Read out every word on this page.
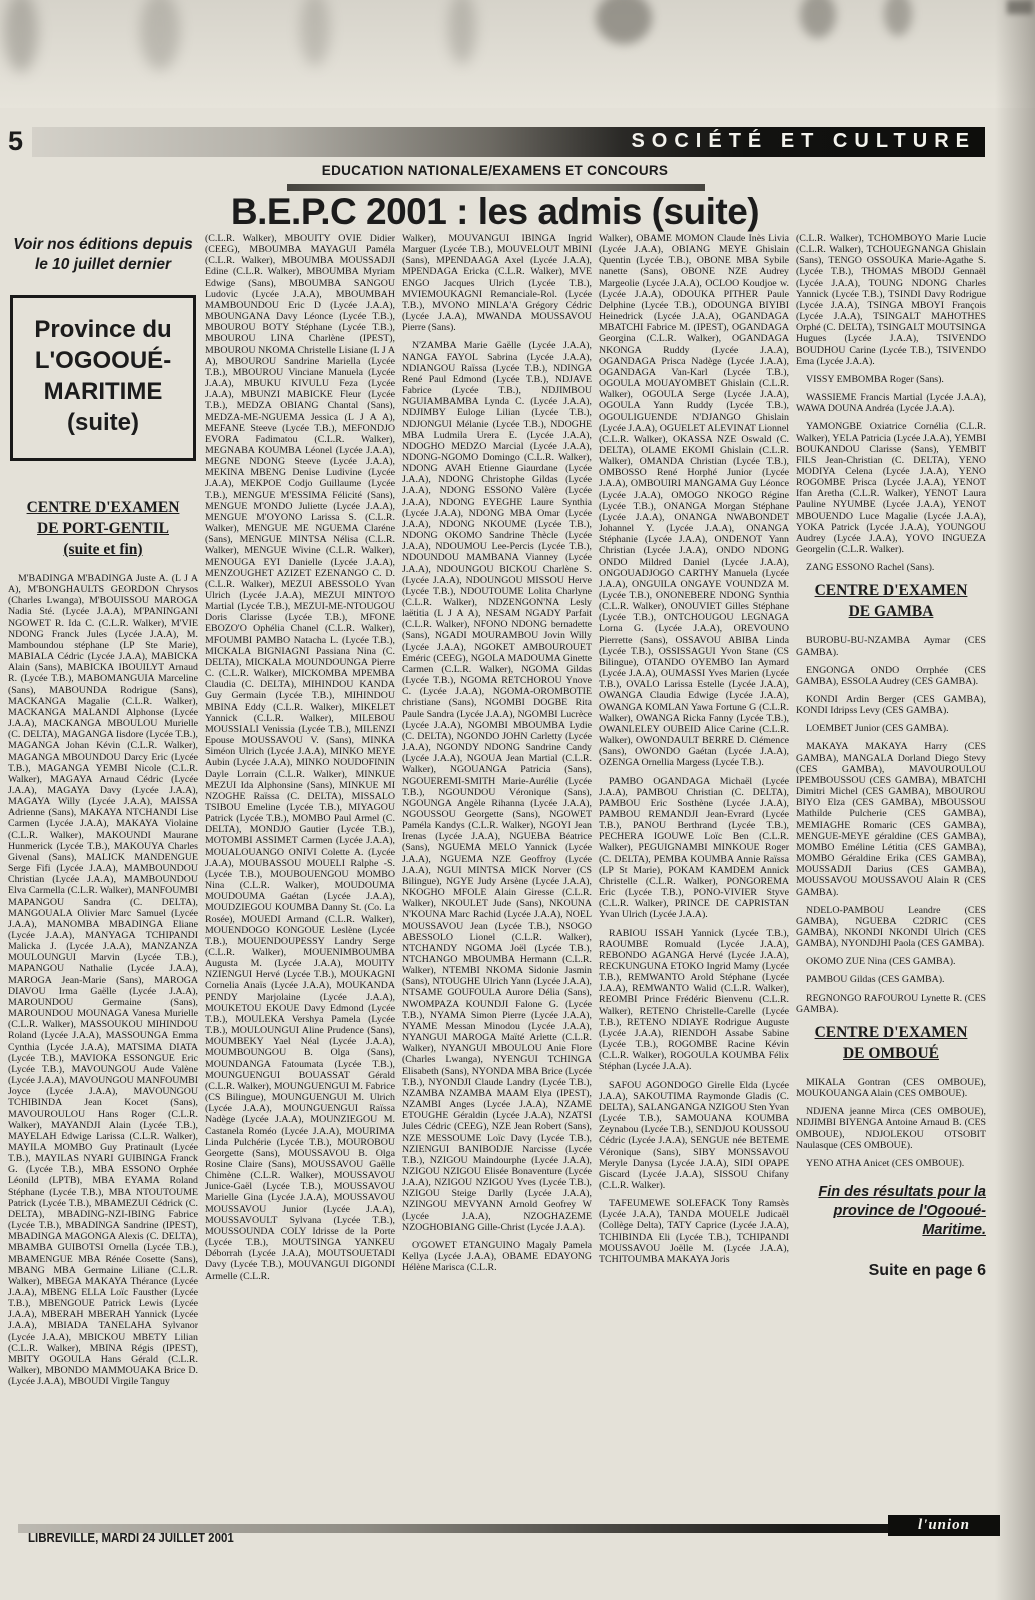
5	SOCIÉTÉ ET CULTURE
EDUCATION NATIONALE/EXAMENS ET CONCOURS
B.E.P.C 2001 : les admis (suite)
Voir nos éditions depuis
le 10 juillet dernier
Province du
L'OGOOUÉ-
MARITIME
(suite)
CENTRE D'EXAMEN
DE PORT-GENTIL
(suite et fin)

M'BADINGA M'BADINGA Juste A. (L J A A), M'BONGHAULTS GEORDON Chrysos (Charles Lwanga), M'BOUISSOU MAROGA Nadia Sté. (Lycée J.A.A), M'PANINGANI NGOWET R. Ida C. (C.L.R. Walker), M'VIE NDONG Franck Jules (Lycée J.A.A), M. Mamboundou stéphane (LP Ste Marie), MABIALA Cédric (Lycée J.A.A), MABICKA Alain (Sans), MABICKA IBOUILYT Arnaud R. (Lycée T.B.), MABOMANGUIA Marceline (Sans), MABOUNDA Rodrigue (Sans), MACKANGA Magalie (C.L.R. Walker), MACKANGA MALANDI Alphonse (Lycée J.A.A), MACKANGA MBOULOU Murielle (C. DELTA), MAGANGA Iisdore (Lycée T.B.), MAGANGA Johan Kévin (C.L.R. Walker), MAGANGA MBOUNDOU Darcy Eric (Lycée T.B.), MAGANGA YEMBI Nicole (C.L.R. Walker), MAGAYA Arnaud Cédric (Lycée J.A.A), MAGAYA Davy (Lycée J.A.A), MAGAYA Willy (Lycée J.A.A), MAISSA Adrienne (Sans), MAKAYA NTCHANDI Lise Carmen (Lycée J.A.A), MAKAYA Violaine (C.L.R. Walker), MAKOUNDI Maurane Hunmerick (Lycée T.B.), MAKOUYA Charles Givenal (Sans), MALICK MANDENGUE Serge Fifi (Lycée J.A.A), MAMBOUNDOU Christian (Lycée J.A.A), MAMBOUNDOU Elva Carmella (C.L.R. Walker), MANFOUMBI MAPANGOU Sandra (C. DELTA), MANGOUALA Olivier Marc Samuel (Lycée J.A.A), MANOMBA MBADINGA Eliane (Lycée J.A.A), MANYAGA TCHIPANDI Malicka J. (Lycée J.A.A), MANZANZA MOULOUNGUI Marvin (Lycée T.B.), MAPANGOU Nathalie (Lycée J.A.A), MAROGA Jean-Marie (Sans), MAROGA DIAVOU Irma Gaëlle (Lycée J.A.A), MAROUNDOU Germaine (Sans), MAROUNDOU MOUNAGA Vanesa Murielle (C.L.R. Walker), MASSOUKOU MIHINDOU Roland (Lycée J.A.A), MASSOUNGA Emma Cynthia (Lycée J.A.A), MATSIMA DIATA (Lycée T.B.), MAVIOKA ESSONGUE Eric (Lycée T.B.), MAVOUNGOU Aude Valène (Lycée J.A.A), MAVOUNGOU MANFOUMBI Joyce (Lycée J.A.A), MAVOUNGOU TCHIBINDA Jean Kocet (Sans), MAVOUROULOU Hans Roger (C.L.R. Walker), MAYANDJI Alain (Lycée T.B.), MAYELAH Edwige Larissa (C.L.R. Walker), MAYILA MOMBO Guy Pratinault (Lycée T.B.), MAYILAS NYARI GUIBINGA Franck G. (Lycée T.B.), MBA ESSONO Orphée Léonild (LPTB), MBA EYAMA Roland Stéphane (Lycée T.B.), MBA NTOUTOUME Patrick (Lycée T.B.), MBAMEZUI Cédrick (C. DELTA), MBADING-NZI-IBING Fabrice (Lycée T.B.), MBADINGA Sandrine (IPEST), MBADINGA MAGONGA Alexis (C. DELTA), MBAMBA GUIBOTSI Ornella (Lycée T.B.), MBAMENGUE MBA Rénée Cosette (Sans), MBANG MBA Germaine Liliane (C.L.R. Walker), MBEGA MAKAYA Thérance (Lycée J.A.A), MBENG ELLA Loïc Fausther (Lycée T.B.), MBENGOUE Patrick Lewis (Lycée J.A.A), MBERAH MBERAH Yannick (Lycée J.A.A), MBIADA TANELAHA Sylvanor (Lycée J.A.A), MBICKOU MBETY Lilian (C.L.R. Walker), MBINA Régis (IPEST), MBITY OGOULA Hans Gérald (C.L.R. Walker), MBONDO MAMMOUAKA Brice D. (Lycée J.A.A), MBOUDI Virgile Tanguy

(C.L.R. Walker), MBOUITY OVIE Didier (CEEG), MBOUMBA MAYAGUI Paméla (C.L.R. Walker), MBOUMBA MOUSSADJI Edine (C.L.R. Walker), MBOUMBA Myriam Edwige (Sans), MBOUMBA SANGOU Ludovic (Lycée J.A.A), MBOUMBAH MAMBOUNDOU Eric D (Lycée J.A.A), MBOUNGANA Davy Léonce (Lycée T.B.), MBOUROU BOTY Stéphane (Lycée T.B.), MBOUROU LINA Charlène (IPEST), MBOUROU NKOMA Christelle Lisiane (L J A A), MBOUROU Sandrine Mariella (Lycée T.B.), MBOUROU Vinciane Manuela (Lycée J.A.A), MBUKU KIVULU Feza (Lycée J.A.A), MBUNZI MABICKE Fleur (Lycée T.B.), MEDZA OBIANG Chantal (Sans), MEDZA-ME-NGUEMA Jessica (L J A A), MEFANE Steeve (Lycée T.B.), MEFONDJO EVORA Fadimatou (C.L.R. Walker), MEGNABA KOUMBA Léonel (Lycée J.A.A), MEGNE NDONG Steeve (Lycée J.A.A), MEKINA MBENG Denise Ludivine (Lycée J.A.A), MEKPOE Codjo Guillaume (Lycée T.B.), MENGUE M'ESSIMA Félicité (Sans), MENGUE M'ONDO Juliette (Lycée J.A.A), MENGUE M'OYONO Larissa S. (C.L.R. Walker), MENGUE ME NGUEMA Claréne (Sans), MENGUE MINTSA Nélisa (C.L.R. Walker), MENGUE Wivine (C.L.R. Walker), MENOUGA EYI Danielle (Lycée J.A.A), MENZOUGHET AZIZET EZENANGO C. D. (C.L.R. Walker), MEZUI ABESSOLO Yvan Ulrich (Lycée J.A.A), MEZUI MINTO'O Martial (Lycée T.B.), MEZUI-ME-NTOUGOU Doris Clarisse (Lycée T.B.), MFONE EBOZO'O Ophélia Chanel (C.L.R. Walker), MFOUMBI PAMBO Natacha L. (Lycée T.B.), MICKALA BIGNIAGNI Passiana Nina (C. DELTA), MICKALA MOUNDOUNGA Pierre C. (C.L.R. Walker), MICKOMBA MPEMBA Claudia (C. DELTA), MIHINDOU KANDA Guy Germain (Lycée T.B.), MIHINDOU MBINA Eddy (C.L.R. Walker), MIKELET Yannick (C.L.R. Walker), MILEBOU MOUSSIALI Venissia (Lycée T.B.), MILENZI Epouse MOUSSAVOU V. (Sans), MINKA Siméon Ulrich (Lycée J.A.A), MINKO MEYE Aubin (Lycée J.A.A), MINKO NOUDOFININ Dayle Lorrain (C.L.R. Walker), MINKUE MEZUI Ida Alphonsine (Sans), MINKUE MI NZOGHE Raïssa (C. DELTA), MISSALO TSIBOU Emeline (Lycée T.B.), MIYAGOU Patrick (Lycée T.B.), MOMBO Paul Armel (C. DELTA), MONDJO Gautier (Lycée T.B.), MOTOMBI ASSIMET Carmen (Lycée J.A.A), MOUALOUANGO ONIVI Colette A. (Lycée J.A.A), MOUBASSOU MOUELI Ralphe -S. (Lycée T.B.), MOUBOUENGOU MOMBO Nina (C.L.R. Walker), MOUDOUMA MOUDOUMA Gaétan (Lycée J.A.A), MOUDZIEGOU KOUMBA Danny St. (Co. La Rosée), MOUEDI Armand (C.L.R. Walker), MOUENDOGO KONGOUE Leslène (Lycée T.B.), MOUENDOUPESSY Landry Serge (C.L.R. Walker), MOUENIMBOUMBA Augusta M. (Lycée J.A.A), MOUITY NZIENGUI Hervé (Lycée T.B.), MOUKAGNI Cornelia Anaïs (Lycée J.A.A), MOUKANDA PENDY Marjolaine (Lycée J.A.A), MOUKETOU EKOUE Davy Edmond (Lycée T.B.), MOULEKA Vershya Pamela (Lycée T.B.), MOULOUNGUI Aline Prudence (Sans), MOUMBEKY Yael Néal (Lycée J.A.A), MOUMBOUNGOU B. Olga (Sans), MOUNDANGA Fatoumata (Lycée T.B.), MOUNGUENGUI BOUASSAT Gérald (C.L.R. Walker), MOUNGUENGUI M. Fabrice (CS Bilingue), MOUNGUENGUI M. Ulrich (Lycée J.A.A), MOUNGUENGUI Raïssa Nadège (Lycée J.A.A), MOUNZIEGOU M. Castanela Roméo (Lycée J.A.A), MOURIMA Linda Pulchérie (Lycée T.B.), MOUROBOU Georgette (Sans), MOUSSAVOU B. Olga Rosine Claire (Sans), MOUSSAVOU Gaëlle Chimène (C.L.R. Walker), MOUSSAVOU Junice-Gaël (Lycée T.B.), MOUSSAVOU Marielle Gina (Lycée J.A.A), MOUSSAVOU MOUSSAVOU Junior (Lycée J.A.A), MOUSSAVOULT Sylvana (Lycée T.B.), MOUSSOUNDA COLY Idrisse de la Porte (Lycée T.B.), MOUTSINGA YANKEU Déborrah (Lycée J.A.A), MOUTSOUETADI Davy (Lycée T.B.), MOUVANGUI DIGONDI Armelle (C.L.R.

Walker), MOUVANGUI IBINGA Ingrid Marguer (Lycée T.B.), MOUVELOUT MBINI (Sans), MPENDAAGA Axel (Lycée J.A.A), MPENDAGA Ericka (C.L.R. Walker), MVE ENGO Jacques Ulrich (Lycée T.B.), MVIEMOUKAGNI Remanciale-Rol. (Lycée T.B.), MVONO MINLA'A Grégory Cédric (Lycée J.A.A), MWANDA MOUSSAVOU Pierre (Sans).

N'ZAMBA Marie Gaëlle (Lycée J.A.A), NANGA FAYOL Sabrina (Lycée J.A.A), NDIANGOU Raïssa (Lycée T.B.), NDINGA René Paul Edmond (Lycée T.B.), NDJAVE Fabrice (Lycée T.B.), NDJIMBOU NGUIAMBAMBA Lynda C. (Lycée J.A.A), NDJIMBY Euloge Lilian (Lycée T.B.), NDJONGUI Mélanie (Lycée T.B.), NDOGHE MBA Ludmila Urera E. (Lycée J.A.A), NDOGHO MEDZO Marcial (Lycée J.A.A), NDONG-NGOMO Domingo (C.L.R. Walker), NDONG AVAH Etienne Giaurdane (Lycée J.A.A), NDONG Christophe Gildas (Lycée J.A.A), NDONG ESSONO Valère (Lycée J.A.A), NDONG EYEGHE Laure Synthia (Lycée J.A.A), NDONG MBA Omar (Lycée J.A.A), NDONG NKOUME (Lycée T.B.), NDONG OKOMO Sandrine Thècle (Lycée J.A.A), NDOUMOU Lee-Percis (Lycée T.B.), NDOUNDOU MAMBANA Vianney (Lycée J.A.A), NDOUNGOU BICKOU Charlène S. (Lycée J.A.A), NDOUNGOU MISSOU Herve (Lycée T.B.), NDOUTOUME Lolita Charlyne (C.L.R. Walker), NDZENGON'NA Lesly laëtitia (L J A A), NESAM NGADY Parfait (C.L.R. Walker), NFONO NDONG bernadette (Sans), NGADI MOURAMBOU Jovin Willy (Lycée J.A.A), NGOKET AMBOUROUET Eméric (CEEG), NGOLA MADOUMA Ginette Carmen (C.L.R. Walker), NGOMA Gildas (Lycée T.B.), NGOMA RETCHOROU Ynove C. (Lycée J.A.A), NGOMA-OROMBOTIE christiane (Sans), NGOMBI DOGBE Rita Paule Sandra (Lycée J.A.A), NGOMBI Lucrèce (Lycée J.A.A), NGOMBI MBOUMBA Lydie (C. DELTA), NGONDO JOHN Carletty (Lycée J.A.A), NGONDY NDONG Sandrine Candy (Lycée J.A.A), NGOUA Jean Martial (C.L.R. Walker), NGOUANGA Patricia (Sans), NGOUEREMI-SMITH Marie-Aurélie (Lycée T.B.), NGOUNDOU Véronique (Sans), NGOUNGA Angèle Rihanna (Lycée J.A.A), NGOUSSOU Georgette (Sans), NGOWET Paméla Kandys (C.L.R. Walker), NGOYI Jean Irenas (Lycée J.A.A), NGUEBA Béatrice (Sans), NGUEMA MELO Yannick (Lycée J.A.A), NGUEMA NZE Geoffroy (Lycée J.A.A), NGUI MINTSA MICK Norver (CS Bilingue), NGYE Judy Arsène (Lycée J.A.A), NKOGHO MFOLE Alain Giresse (C.L.R. Walker), NKOULET Jude (Sans), NKOUNA N'KOUNA Marc Rachid (Lycée J.A.A), NOEL MOUSSAVOU Jean (Lycée T.B.), NSOGO ABESSOLO Lionel (C.L.R. Walker), NTCHANDY NGOMA Joël (Lycée T.B.), NTCHANGO MBOUMBA Hermann (C.L.R. Walker), NTEMBI NKOMA Sidonie Jasmin (Sans), NTOUGHE Ulrich Yann (Lycée J.A.A), NTSAME GOUFOULA Aurore Délia (Sans), NWOMPAZA KOUNDJI Falone G. (Lycée T.B.), NYAMA Simon Pierre (Lycée J.A.A), NYAME Messan Minodou (Lycée J.A.A), NYANGUI MAROGA Maïté Arlette (C.L.R. Walker), NYANGUI MBOULOU Anie Flore (Charles Lwanga), NYENGUI TCHINGA Elisabeth (Sans), NYONDA MBA Brice (Lycée T.B.), NYONDJI Claude Landry (Lycée T.B.), NZAMBA NZAMBA MAAM Elya (IPEST), NZAMBI Anges (Lycée J.A.A), NZAME ETOUGHE Géraldin (Lycée J.A.A), NZATSI Jules Cédric (CEEG), NZE Jean Robert (Sans), NZE MESSOUME Loïc Davy (Lycée T.B.), NZIENGUI BANIBODJE Narcisse (Lycée T.B.), NZIGOU Maindourphe (Lycée J.A.A), NZIGOU NZIGOU Elisée Bonaventure (Lycée J.A.A), NZIGOU NZIGOU Yves (Lycée T.B.), NZIGOU Steige Darlly (Lycée J.A.A), NZINGOU MEVYANN Arnold Geofrey W (Lycée J.A.A), NZOGHAZEME NZOGHOBIANG Gille-Christ (Lycée J.A.A).

O'GOWET ETANGUINO Magaly Pamela Kellya (Lycée J.A.A), OBAME EDAYONG Hélène Marisca (C.L.R.

Walker), OBAME MOMON Claude Inès Livia (Lycée J.A.A), OBIANG MEYE Ghislain Quentin (Lycée T.B.), OBONE MBA Sybile nanette (Sans), OBONE NZE Audrey Margeolie (Lycée J.A.A), OCLOO Koudjoe w. (Lycée J.A.A), ODOUKA PITHER Paule Delphine (Lycée T.B.), ODOUNGA BIYIBI Heinedrick (Lycée J.A.A), OGANDAGA MBATCHI Fabrice M. (IPEST), OGANDAGA Georgina (C.L.R. Walker), OGANDAGA NKONGA Ruddy (Lycée J.A.A), OGANDAGA Prisca Nadège (Lycée J.A.A), OGANDAGA Van-Karl (Lycée T.B.), OGOULA MOUAYOMBET Ghislain (C.L.R. Walker), OGOULA Serge (Lycée J.A.A), OGOULA Yann Ruddy (Lycée T.B.), OGOULIGUENDE N'DJANGO Ghislain (Lycée J.A.A), OGUELET ALEVINAT Lionnel (C.L.R. Walker), OKASSA NZE Oswald (C. DELTA), OLAME EKOMI Ghislain (C.L.R. Walker), OMANDA Christian (Lycée T.B.), OMBOSSO René Horphé Junior (Lycée J.A.A), OMBOUIRI MANGAMA Guy Léonce (Lycée J.A.A), OMOGO NKOGO Régine (Lycée T.B.), ONANGA Morgan Stéphane (Lycée J.A.A), ONANGA NWABONDET Johannel Y. (Lycée J.A.A), ONANGA Stéphanie (Lycée J.A.A), ONDENOT Yann Christian (Lycée J.A.A), ONDO NDONG ONDO Mildred Daniel (Lycée J.A.A), ONGOUADJOGO CARTHY Manuela (Lycée J.A.A), ONGUILA ONGAYE VOUNDZA M. (Lycée T.B.), ONONEBERE NDONG Synthia (C.L.R. Walker), ONOUVIET Gilles Stéphane (Lycée T.B.), ONTCHOUGOU LEGNAGA Lorna G. (Lycée J.A.A), OREVOUNO Pierrette (Sans), OSSAVOU ABIBA Linda (Lycée T.B.), OSSISSAGUI Yvon Stane (CS Bilingue), OTANDO OYEMBO Ian Aymard (Lycée J.A.A), OUMASSI Yves Marien (Lycée T.B.), OVALO Larissa Estelle (Lycée J.A.A), OWANGA Claudia Edwige (Lycée J.A.A), OWANGA KOMLAN Yawa Fortune G (C.L.R. Walker), OWANGA Ricka Fanny (Lycée T.B.), OWANLELEY OUBEID Alice Carine (C.L.R. Walker), OWONDAULT BERRE D. Clémence (Sans), OWONDO Gaétan (Lycée J.A.A), OZENGA Ornellia Margess (Lycée T.B.).

PAMBO OGANDAGA Michaël (Lycée J.A.A), PAMBOU Christian (C. DELTA), PAMBOU Eric Sosthène (Lycée J.A.A), PAMBOU REMANDJI Jean-Evrard (Lycée T.B.), PANOU Berthrand (Lycée T.B.), PECHERA IGOUWE Loïc Ben (C.L.R. Walker), PEGUIGNAMBI MINKOUE Roger (C. DELTA), PEMBA KOUMBA Annie Raïssa (LP St Marie), POKAM KAMDEM Annick Christelle (C.L.R. Walker), PONGOREMA Eric (Lycée T.B.), PONO-VIVIER Styve (C.L.R. Walker), PRINCE DE CAPRISTAN Yvan Ulrich (Lycée J.A.A).

RABIOU ISSAH Yannick (Lycée T.B.), RAOUMBE Romuald (Lycée J.A.A), REBONDO AGANGA Hervé (Lycée J.A.A), RECKUNGUNA ETOKO Ingrid Mamy (Lycée T.B.), REMWANTO Arold Stéphane (Lycée J.A.A), REMWANTO Walid (C.L.R. Walker), REOMBI Prince Frédéric Bienvenu (C.L.R. Walker), RETENO Christelle-Carelle (Lycée T.B.), RETENO NDIAYE Rodrigue Auguste (Lycée J.A.A), RIENDOH Assabe Sabine (Lycée T.B.), ROGOMBE Racine Kévin (C.L.R. Walker), ROGOULA KOUMBA Félix Stéphan (Lycée J.A.A).

SAFOU AGONDOGO Girelle Elda (Lycée J.A.A), SAKOUTIMA Raymonde Gladis (C. DELTA), SALANGANGA NZIGOU Sten Yvan (Lycée T.B.), SAMOUANA KOUMBA Zeynabou (Lycée T.B.), SENDJOU KOUSSOU Cédric (Lycée J.A.A), SENGUE née BETEME Véronique (Sans), SIBY MONSSAVOU Meryle Danysa (Lycée J.A.A), SIDI OPAPE Giscard (Lycée J.A.A), SISSOU Chifany (C.L.R. Walker).

TAFEUMEWE SOLEFACK Tony Ramsès (Lycée J.A.A), TANDA MOUELE Judicaël (Collège Delta), TATY Caprice (Lycée J.A.A), TCHIBINDA Eli (Lycée T.B.), TCHIPANDI MOUSSAVOU Joëlle M. (Lycée J.A.A), TCHITOUMBA MAKAYA Joris

(C.L.R. Walker), TCHOMBOYO Marie Lucie (C.L.R. Walker), TCHOUEGNANGA Ghislain (Sans), TENGO OSSOUKA Marie-Agathe S. (Lycée T.B.), THOMAS MBODJ Gennaël (Lycée J.A.A), TOUNG NDONG Charles Yannick (Lycée T.B.), TSINDI Davy Rodrigue (Lycée J.A.A), TSINGA MBOYI François (Lycée J.A.A), TSINGALT MAHOTHES Orphé (C. DELTA), TSINGALT MOUTSINGA Hugues (Lycée J.A.A), TSIVENDO BOUDHOU Carine (Lycée T.B.), TSIVENDO Ema (Lycée J.A.A).

VISSY EMBOMBA Roger (Sans).

WASSIEME Francis Martial (Lycée J.A.A), WAWA DOUNA Andréa (Lycée J.A.A).

YAMONGBE Oxiatrice Cornélia (C.L.R. Walker), YELA Patricia (Lycée J.A.A), YEMBI BOUKANDOU Clarisse (Sans), YEMBIT FILS Jean-Christian (C. DELTA), YENO MODIYA Celena (Lycée J.A.A), YENO ROGOMBE Prisca (Lycée J.A.A), YENOT Ifan Aretha (C.L.R. Walker), YENOT Laura Pauline NYUMBE (Lycée J.A.A), YENOT MBOUENDO Luce Magalie (Lycée J.A.A), YOKA Patrick (Lycée J.A.A), YOUNGOU Audrey (Lycée J.A.A), YOVO INGUEZA Georgelin (C.L.R. Walker).

ZANG ESSONO Rachel (Sans).

CENTRE D'EXAMEN
DE GAMBA

BUROBU-BU-NZAMBA Aymar (CES GAMBA).

ENGONGA ONDO Orrphée (CES GAMBA), ESSOLA Audrey (CES GAMBA).

KONDI Ardin Berger (CES GAMBA), KONDI Idripss Levy (CES GAMBA).

LOEMBET Junior (CES GAMBA).

MAKAYA MAKAYA Harry (CES GAMBA), MANGALA Dorland Diego Stevy (CES GAMBA), MAVOUROULOU IPEMBOUSSOU (CES GAMBA), MBATCHI Dimitri Michel (CES GAMBA), MBOUROU BIYO Elza (CES GAMBA), MBOUSSOU Mathilde Pulcherie (CES GAMBA), MEMIAGHE Romaric (CES GAMBA), MENGUE-MEYE géraldine (CES GAMBA), MOMBO Eméline Létitia (CES GAMBA), MOMBO Géraldine Erika (CES GAMBA), MOUSSADJI Darius (CES GAMBA), MOUSSAVOU MOUSSAVOU Alain R (CES GAMBA).

NDELO-PAMBOU Leandre (CES GAMBA), NGUEBA C2DRIC (CES GAMBA), NKONDI NKONDI Ulrich (CES GAMBA), NYONDJHI Paola (CES GAMBA).

OKOMO ZUE Nina (CES GAMBA).

PAMBOU Gildas (CES GAMBA).

REGNONGO RAFOUROU Lynette R. (CES GAMBA).

CENTRE D'EXAMEN
DE OMBOUÉ

MIKALA Gontran (CES OMBOUE), MOUKOUANGA Alain (CES OMBOUE).

NDJENA jeanne Mirca (CES OMBOUE), NDJIMBI BIYENGA Antoine Arnaud B. (CES OMBOUE), NDJOLEKOU OTSOBIT Naulasque (CES OMBOUE).

YENO ATHA Anicet (CES OMBOUE).

Fin des résultats pour la
province de l'Ogooué-
Maritime.
Suite en page 6
LIBREVILLE, MARDI 24 JUILLET 2001
l'union
